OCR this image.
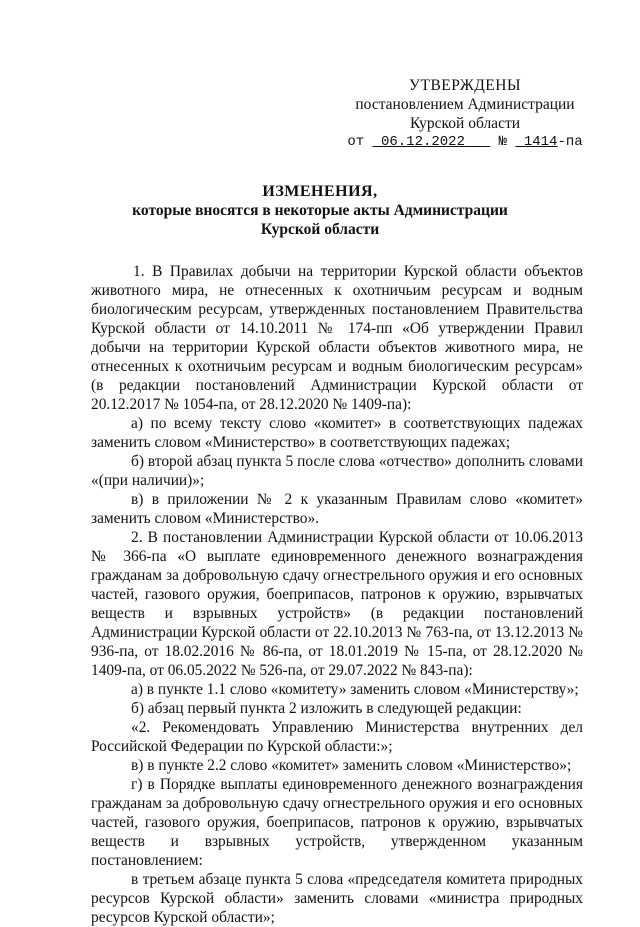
УТВЕРЖДЕНЫ
постановлением Администрации
Курской области
от 06.12.2022 № 1414-па
ИЗМЕНЕНИЯ,
которые вносятся в некоторые акты Администрации
Курской области

1. В Правилах добычи на территории Курской области объектов животного мира, не отнесенных к охотничьим ресурсам и водным биологическим ресурсам, утвержденных постановлением Правительства Курской области от 14.10.2011 № 174-пп «Об утверждении Правил добычи на территории Курской области объектов животного мира, не отнесенных к охотничьим ресурсам и водным биологическим ресурсам» (в редакции постановлений Администрации Курской области от 20.12.2017 № 1054-па, от 28.12.2020 № 1409-па):

а) по всему тексту слово «комитет» в соответствующих падежах заменить словом «Министерство» в соответствующих падежах;

б) второй абзац пункта 5 после слова «отчество» дополнить словами «(при наличии)»;

в) в приложении № 2 к указанным Правилам слово «комитет» заменить словом «Министерство».

2. В постановлении Администрации Курской области от 10.06.2013 № 366-па «О выплате единовременного денежного вознаграждения гражданам за добровольную сдачу огнестрельного оружия и его основных частей, газового оружия, боеприпасов, патронов к оружию, взрывчатых веществ и взрывных устройств» (в редакции постановлений Администрации Курской области от 22.10.2013 № 763-па, от 13.12.2013 № 936-па, от 18.02.2016 № 86-па, от 18.01.2019 № 15-па, от 28.12.2020 № 1409-па, от 06.05.2022 № 526-па, от 29.07.2022 № 843-па):

а) в пункте 1.1 слово «комитету» заменить словом «Министерству»;

б) абзац первый пункта 2 изложить в следующей редакции:

«2. Рекомендовать Управлению Министерства внутренних дел Российской Федерации по Курской области:»;

в) в пункте 2.2 слово «комитет» заменить словом «Министерство»;

г) в Порядке выплаты единовременного денежного вознаграждения гражданам за добровольную сдачу огнестрельного оружия и его основных частей, газового оружия, боеприпасов, патронов к оружию, взрывчатых веществ и взрывных устройств, утвержденном указанным постановлением:

в третьем абзаце пункта 5 слова «председателя комитета природных ресурсов Курской области» заменить словами «министра природных ресурсов Курской области»;
